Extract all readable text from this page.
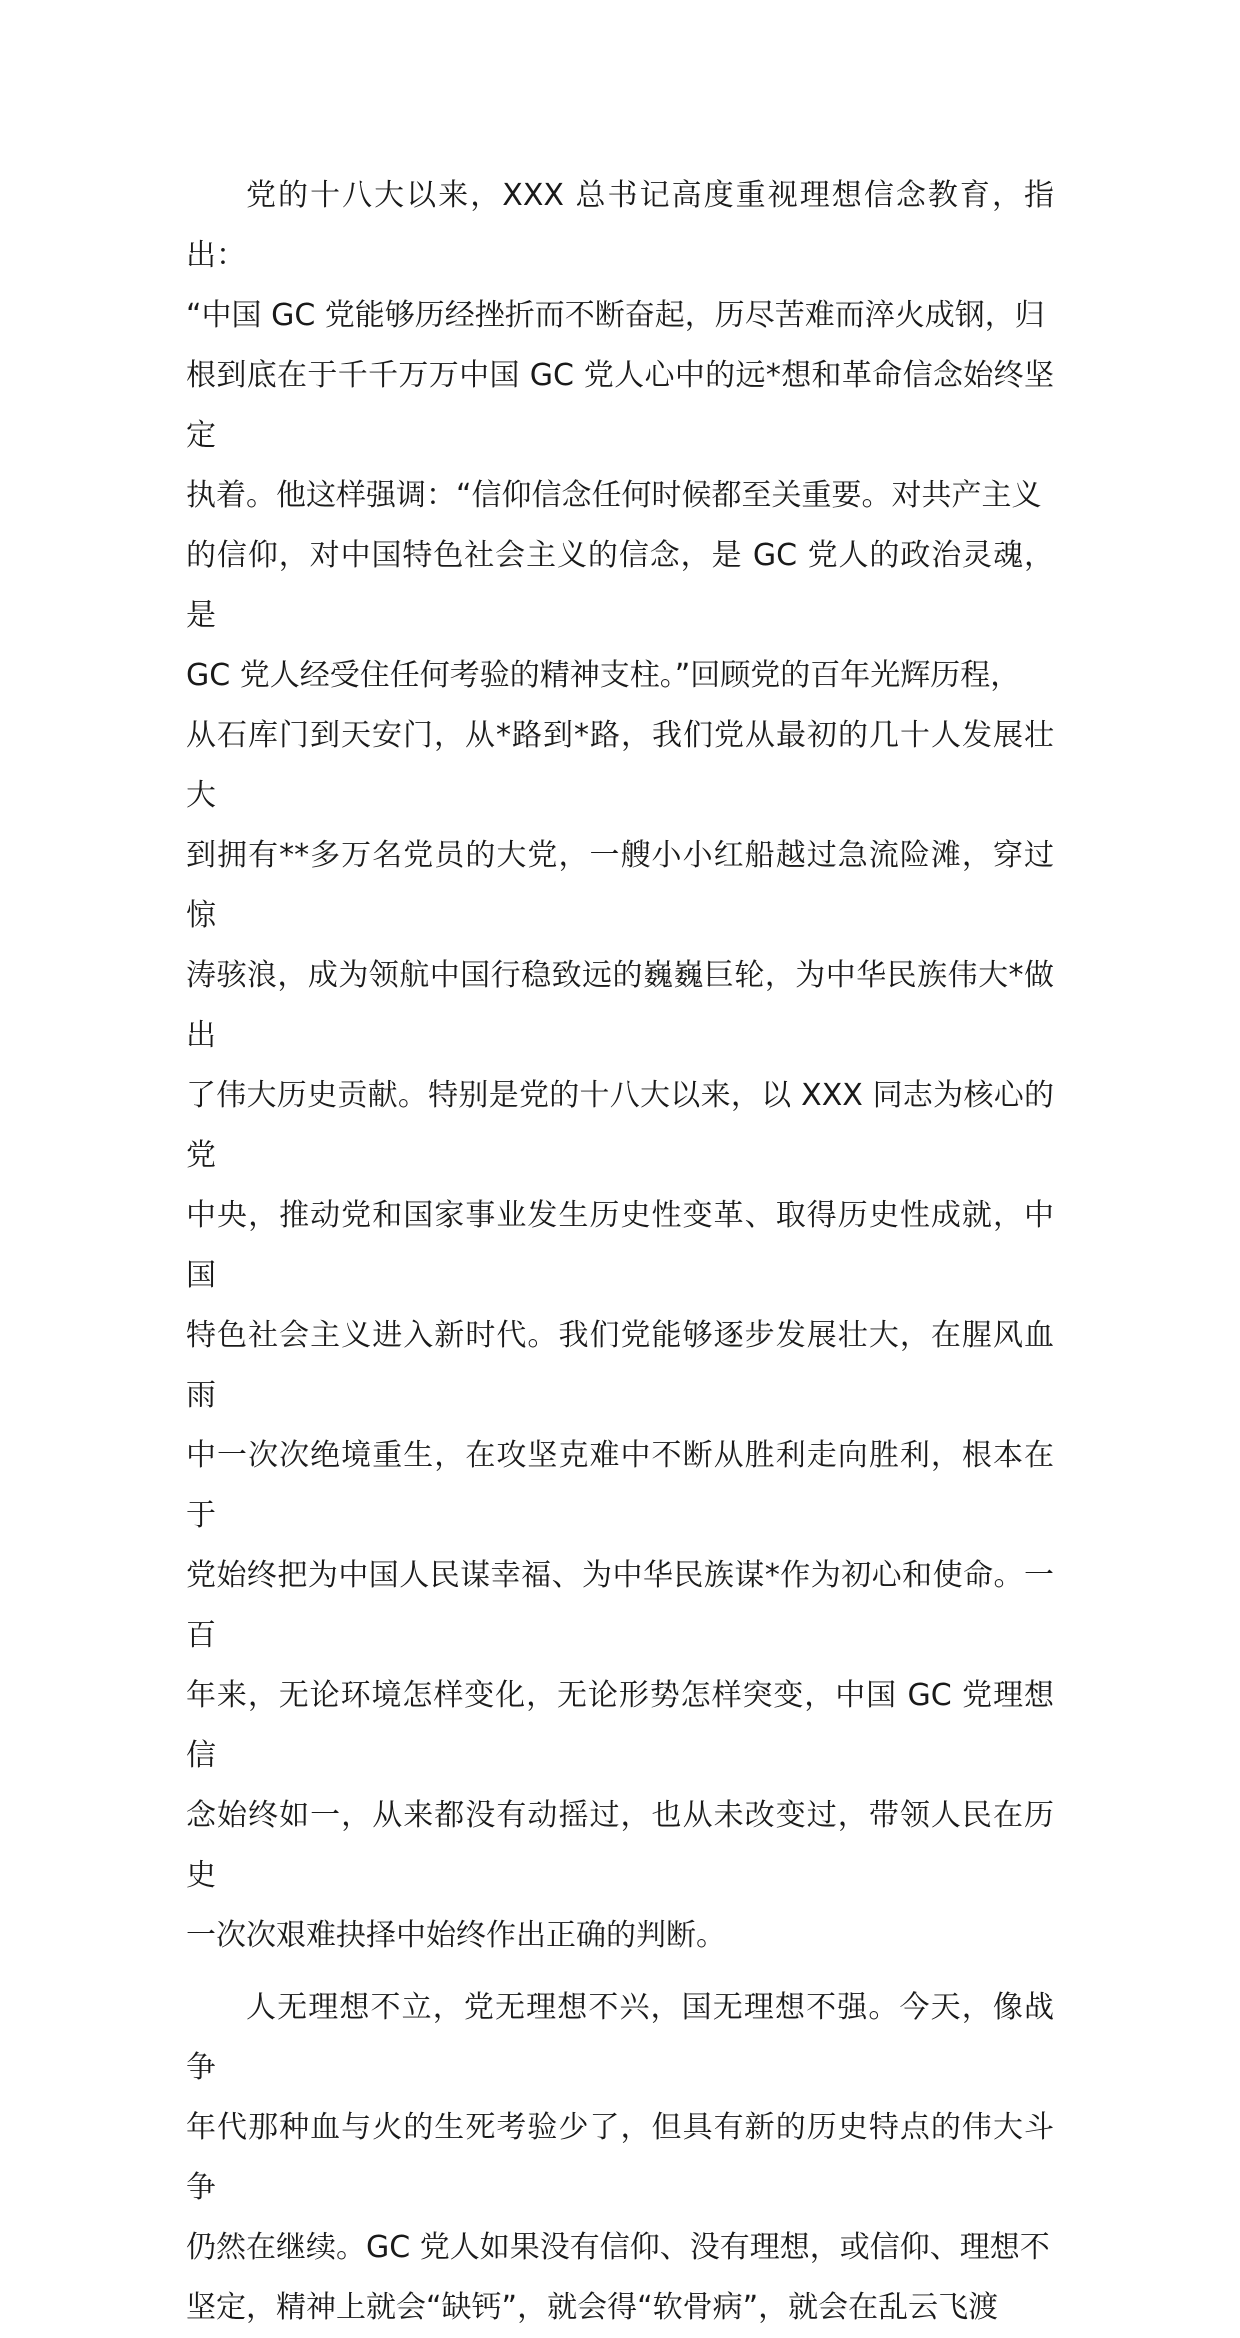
党的十八大以来，XXX 总书记高度重视理想信念教育，指出：
“中国 GC 党能够历经挫折而不断奋起，历尽苦难而淬火成钢，归
根到底在于千千万万中国 GC 党人心中的远*想和革命信念始终坚定
执着。他这样强调：“信仰信念任何时候都至关重要。对共产主义
的信仰，对中国特色社会主义的信念，是 GC 党人的政治灵魂，是
GC 党人经受住任何考验的精神支柱。”回顾党的百年光辉历程，
从石库门到天安门，从*路到*路，我们党从最初的几十人发展壮大
到拥有**多万名党员的大党，一艘小小红船越过急流险滩，穿过惊
涛骇浪，成为领航中国行稳致远的巍巍巨轮，为中华民族伟大*做出
了伟大历史贡献。特别是党的十八大以来，以 XXX 同志为核心的党
中央，推动党和国家事业发生历史性变革、取得历史性成就，中国
特色社会主义进入新时代。我们党能够逐步发展壮大，在腥风血雨
中一次次绝境重生，在攻坚克难中不断从胜利走向胜利，根本在于
党始终把为中国人民谋幸福、为中华民族谋*作为初心和使命。一百
年来，无论环境怎样变化，无论形势怎样突变，中国 GC 党理想信
念始终如一，从来都没有动摇过，也从未改变过，带领人民在历史
一次次艰难抉择中始终作出正确的判断。

人无理想不立，党无理想不兴，国无理想不强。今天，像战争
年代那种血与火的生死考验少了，但具有新的历史特点的伟大斗争
仍然在继续。GC 党人如果没有信仰、没有理想，或信仰、理想不
坚定，精神上就会“缺钙”，就会得“软骨病”，就会在乱云飞渡
